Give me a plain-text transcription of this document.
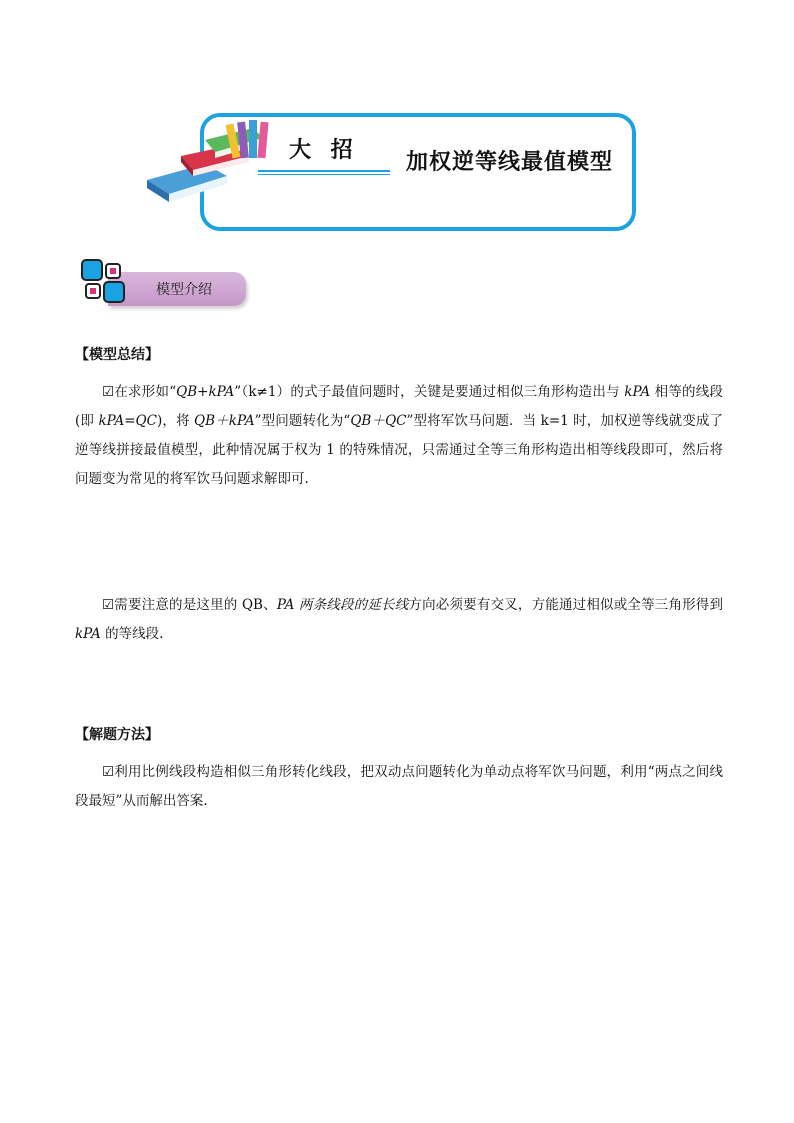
大 招 加权逆等线最值模型
模型介绍
【模型总结】

☑在求形如“QB+kPA”（k≠1）的式子最值问题时，关键是要通过相似三角形构造出与 kPA 相等的线段(即 kPA=QC)，将 QB＋kPA”型问题转化为“QB＋QC”型将军饮马问题．当 k=1 时，加权逆等线就变成了逆等线拼接最值模型，此种情况属于权为 1 的特殊情况，只需通过全等三角形构造出相等线段即可，然后将问题变为常见的将军饮马问题求解即可.

☑需要注意的是这里的 QB、PA 两条线段的延长线方向必须要有交叉，方能通过相似或全等三角形得到 kPA 的等线段.

【解题方法】

☑利用比例线段构造相似三角形转化线段，把双动点问题转化为单动点将军饮马问题，利用“两点之间线段最短”从而解出答案.
